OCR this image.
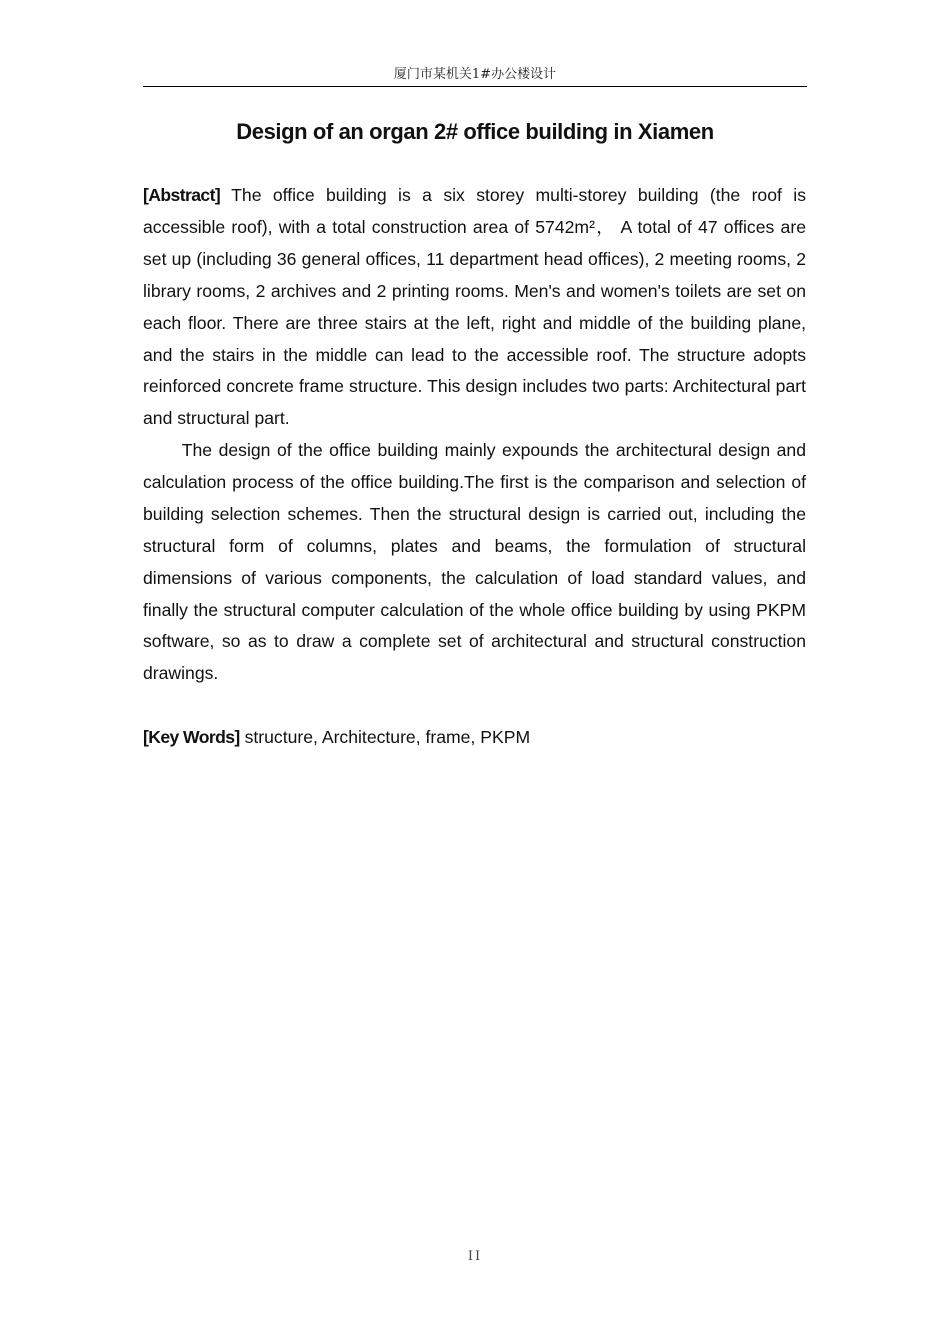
厦门市某机关1#办公楼设计
Design of an organ 2# office building in Xiamen

[Abstract] The office building is a six storey multi-storey building (the roof is accessible roof), with a total construction area of 5742m²， A total of 47 offices are set up (including 36 general offices, 11 department head offices), 2 meeting rooms, 2 library rooms, 2 archives and 2 printing rooms. Men's and women's toilets are set on each floor. There are three stairs at the left, right and middle of the building plane, and the stairs in the middle can lead to the accessible roof. The structure adopts reinforced concrete frame structure. This design includes two parts: Architectural part and structural part.

The design of the office building mainly expounds the architectural design and calculation process of the office building.The first is the comparison and selection of building selection schemes. Then the structural design is carried out, including the structural form of columns, plates and beams, the formulation of structural dimensions of various components, the calculation of load standard values, and finally the structural computer calculation of the whole office building by using PKPM software, so as to draw a complete set of architectural and structural construction drawings.

[Key Words] structure, Architecture, frame, PKPM

II
